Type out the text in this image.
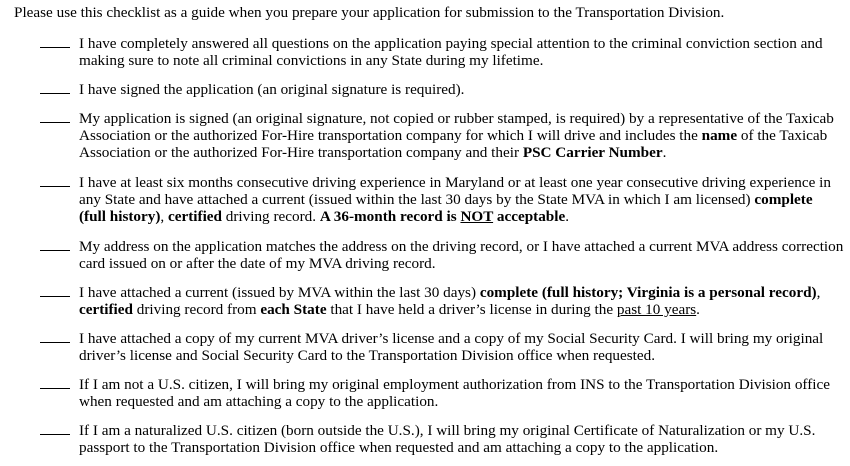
Please use this checklist as a guide when you prepare your application for submission to the Transportation Division.
I have completely answered all questions on the application paying special attention to the criminal conviction section and
making sure to note all criminal convictions in any State during my lifetime.
I have signed the application (an original signature is required).
My application is signed (an original signature, not copied or rubber stamped, is required) by a representative of the Taxicab
Association or the authorized For-Hire transportation company for which I will drive and includes the name of the Taxicab
Association or the authorized For-Hire transportation company and their PSC Carrier Number.
I have at least six months consecutive driving experience in Maryland or at least one year consecutive driving experience in
any State and have attached a current (issued within the last 30 days by the State MVA in which I am licensed) complete
(full history), certified driving record. A 36-month record is NOT acceptable.
My address on the application matches the address on the driving record, or I have attached a current MVA address correction
card issued on or after the date of my MVA driving record.
I have attached a current (issued by MVA within the last 30 days) complete (full history; Virginia is a personal record),
certified driving record from each State that I have held a driver’s license in during the past 10 years.
I have attached a copy of my current MVA driver’s license and a copy of my Social Security Card. I will bring my original
driver’s license and Social Security Card to the Transportation Division office when requested.
If I am not a U.S. citizen, I will bring my original employment authorization from INS to the Transportation Division office
when requested and am attaching a copy to the application.
If I am a naturalized U.S. citizen (born outside the U.S.), I will bring my original Certificate of Naturalization or my U.S.
passport to the Transportation Division office when requested and am attaching a copy to the application.
